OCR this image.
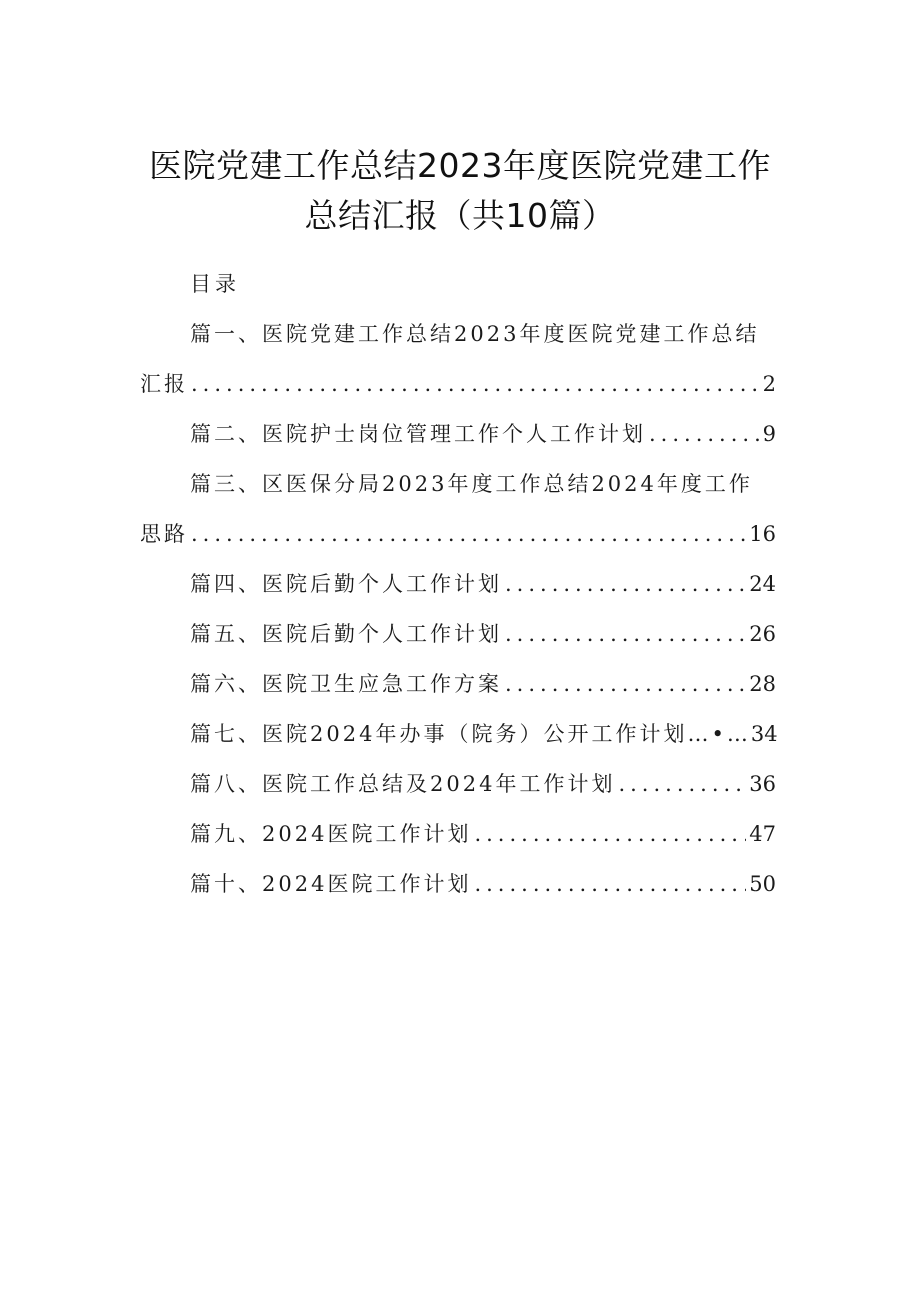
医院党建工作总结2023年度医院党建工作
总结汇报（共10篇）
目录
篇一、医院党建工作总结2023年度医院党建工作总结
汇报 .....	2
篇二、医院护士岗位管理工作个人工作计划 .....	9
篇三、区医保分局2023年度工作总结2024年度工作
思路 .....	16
篇四、医院后勤个人工作计划 .....	24
篇五、医院后勤个人工作计划 .....	26
篇六、医院卫生应急工作方案 .....	28
篇七、医院2024年办事（院务）公开工作计划…•…34
篇八、医院工作总结及2024年工作计划 .....	36
篇九、2024医院工作计划 .....	47
篇十、2024医院工作计划 .....	50
